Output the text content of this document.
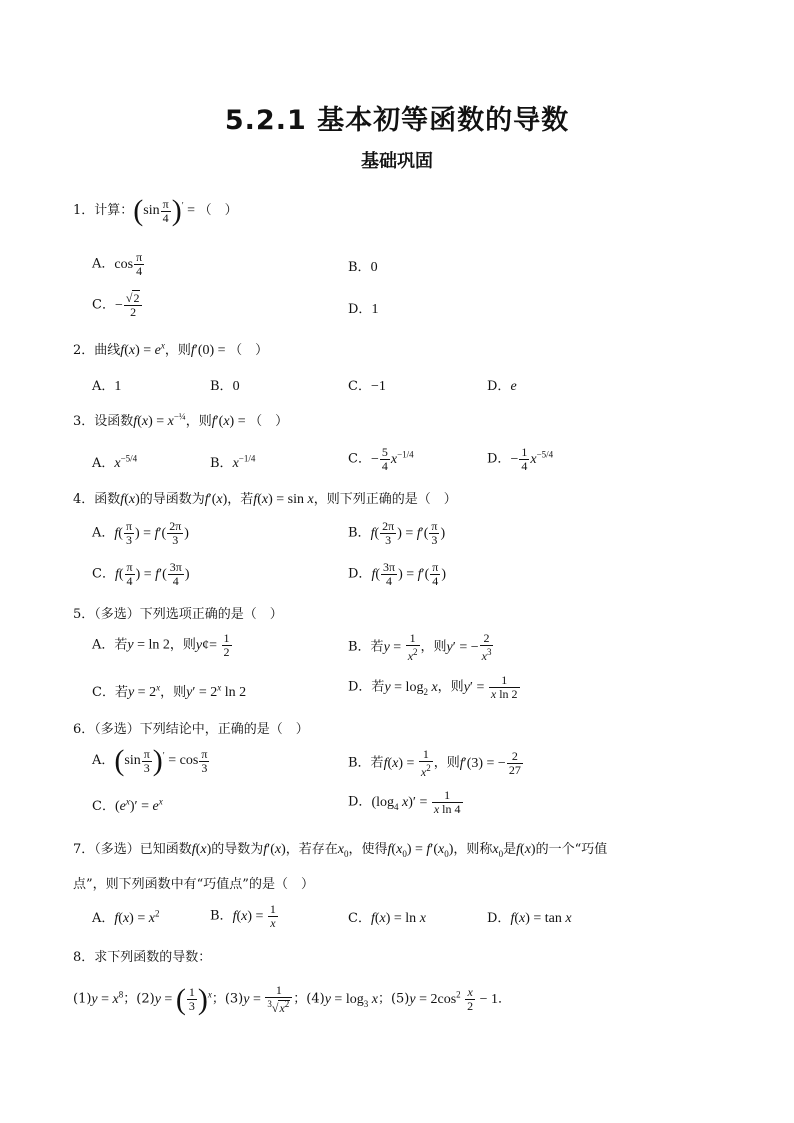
5.2.1 基本初等函数的导数
基础巩固
1．计算：$(\sin \frac{\pi}{4} )'$ = （　）
A．$\cos \frac{\pi}{4}$	B．0
C．− $\frac{√2}{2}$	D．1
2．曲线$f(x) = e^x$，则f′(0) = （　）
A．1	B．0	C．−1	D．e
3．设函数$f(x) = x^{-\frac{1}{4}}$，则f′(x) = （　）
A．$x^{-5/4}$	B．$x^{-1/4}$	C．− $\frac{5}{4} x^{-1/4}$	D．− $\frac{1}{4} x^{-5/4}$
4．函数f(x)的导函数为f′(x)，若f(x) = sin x，则下列正确的是（　）
A．$f( \frac{\pi}{3}$ ) = $f'( \frac{2\pi}{3}$ )	B．$f( \frac{2\pi}{3}$ ) = $f'( \frac{\pi}{3}$ )
C．$f( \frac{\pi}{4}$ ) = $f'( \frac{3\pi}{4}$ )	D．$f( \frac{3\pi}{4}$ ) = $f'( \frac{\pi}{4}$ )
5．（多选）下列选项正确的是（　）
A．若y = ln 2，则y¢= $\frac{1}{2}$	B．若$y = \frac{1}{x^2}$ ，则y′ = − $\frac{2}{x^3}$
C．若$y = 2^x$，则$y' = 2^x$ ln 2	D．若$y = \log_2 x$，则$y' = \frac{1}{\text{x ln 2}}$
6．（多选）下列结论中，正确的是（　）
A．$(\sin \frac{\pi}{3} )' = \cos \frac{\pi}{3}$	B．若$f(x) = \frac{1}{x^2}$ ，则f′(3) = − $\frac{2}{27}$
C．$(e^x)' = e^x$	D．($\log_4$ $x)' = \frac{1}{\text{x ln 4}}$
7．（多选）已知函数f(x)的导数为f′(x)，若存在$x_0$，使得$f(x_0) = f'(x_0)$，则称$x_0$是f(x)的一个“巧值
点”，则下列函数中有“巧值点”的是（　）
A．$f(x) = x^2$	B．$f(x) = \frac{1}{x}$	C．f(x) = ln x	D．f(x) = tan x
8．求下列函数的导数：
$(1)y = x^8$；(2)y = ( $\frac{1}{3} )^x$；$(3)y = \frac{1}{^3√x^2}$ ；$(4)y = \log_3 x$；$(5)y = 2\cos^2 \frac{x}{2} - 1$．
